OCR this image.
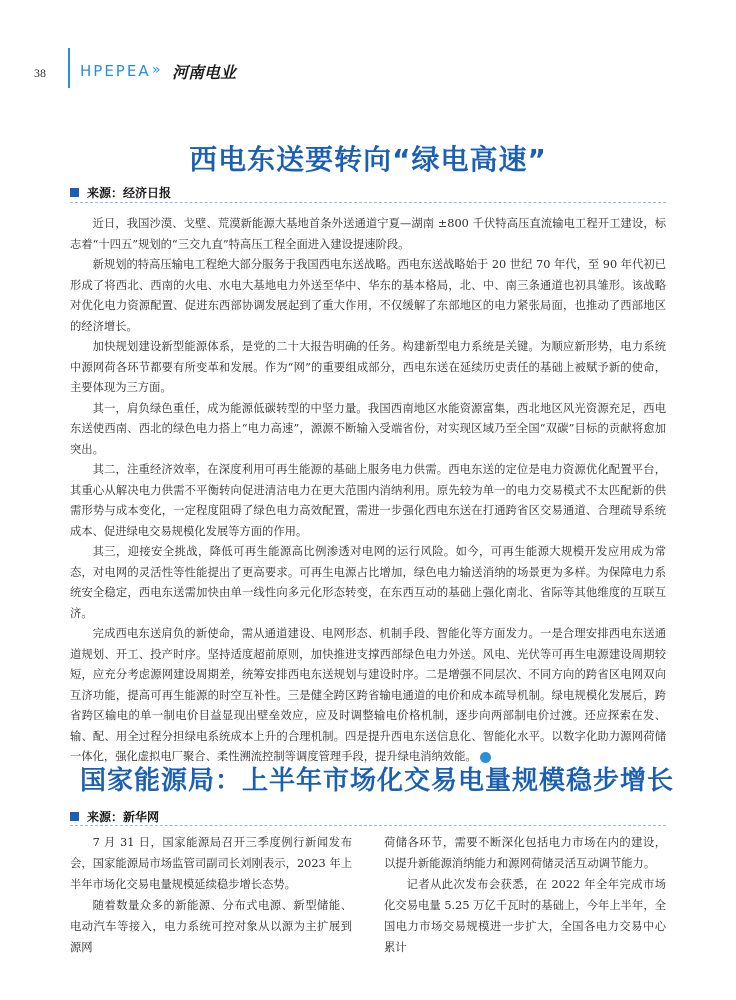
38 HPEPEA » 河南电业
西电东送要转向“绿电高速”
来源：经济日报

近日，我国沙漠、戈壁、荒漠新能源大基地首条外送通道宁夏—湖南 ±800 千伏特高压直流输电工程开工建设，标志着“十四五”规划的“三交九直”特高压工程全面进入建设提速阶段。

新规划的特高压输电工程绝大部分服务于我国西电东送战略。西电东送战略始于 20 世纪 70 年代，至 90 年代初已形成了将西北、西南的火电、水电大基地电力外送至华中、华东的基本格局，北、中、南三条通道也初具雏形。该战略对优化电力资源配置、促进东西部协调发展起到了重大作用，不仅缓解了东部地区的电力紧张局面，也推动了西部地区的经济增长。

加快规划建设新型能源体系，是党的二十大报告明确的任务。构建新型电力系统是关键。为顺应新形势，电力系统中源网荷各环节都要有所变革和发展。作为“网”的重要组成部分，西电东送在延续历史责任的基础上被赋予新的使命，主要体现为三方面。

其一，肩负绿色重任，成为能源低碳转型的中坚力量。我国西南地区水能资源富集，西北地区风光资源充足，西电东送使西南、西北的绿色电力搭上“电力高速”，源源不断输入受端省份，对实现区域乃至全国“双碳”目标的贡献将愈加突出。

其二，注重经济效率，在深度利用可再生能源的基础上服务电力供需。西电东送的定位是电力资源优化配置平台，其重心从解决电力供需不平衡转向促进清洁电力在更大范围内消纳利用。原先较为单一的电力交易模式不太匹配新的供需形势与成本变化，一定程度阻碍了绿色电力高效配置，需进一步强化西电东送在打通跨省区交易通道、合理疏导系统成本、促进绿电交易规模化发展等方面的作用。

其三，迎接安全挑战，降低可再生能源高比例渗透对电网的运行风险。如今，可再生能源大规模开发应用成为常态，对电网的灵活性等性能提出了更高要求。可再生电源占比增加，绿色电力输送消纳的场景更为多样。为保障电力系统安全稳定，西电东送需加快由单一线性向多元化形态转变，在东西互动的基础上强化南北、省际等其他维度的互联互济。

完成西电东送肩负的新使命，需从通道建设、电网形态、机制手段、智能化等方面发力。一是合理安排西电东送通道规划、开工、投产时序。坚持适度超前原则，加快推进支撑西部绿色电力外送。风电、光伏等可再生电源建设周期较短，应充分考虑源网建设周期差，统筹安排西电东送规划与建设时序。二是增强不同层次、不同方向的跨省区电网双向互济功能，提高可再生能源的时空互补性。三是健全跨区跨省输电通道的电价和成本疏导机制。绿电规模化发展后，跨省跨区输电的单一制电价目益显现出壁垒效应，应及时调整输电价格机制，逐步向两部制电价过渡。还应探索在发、输、配、用全过程分担绿电系统成本上升的合理机制。四是提升西电东送信息化、智能化水平。以数字化助力源网荷储一体化，强化虚拟电厂聚合、柔性溯流控制等调度管理手段，提升绿电消纳效能。

国家能源局：上半年市场化交易电量规模稳步增长
来源：新华网

7 月 31 日，国家能源局召开三季度例行新闻发布会，国家能源局市场监管司副司长刘刚表示，2023 年上半年市场化交易电量规模延续稳步增长态势。

随着数量众多的新能源、分布式电源、新型储能、电动汽车等接入，电力系统可控对象从以源为主扩展到源网

荷储各环节，需要不断深化包括电力市场在内的建设，以提升新能源消纳能力和源网荷储灵活互动调节能力。

记者从此次发布会获悉，在 2022 年全年完成市场化交易电量 5.25 万亿千瓦时的基础上，今年上半年，全国电力市场交易规模进一步扩大，全国各电力交易中心累计
